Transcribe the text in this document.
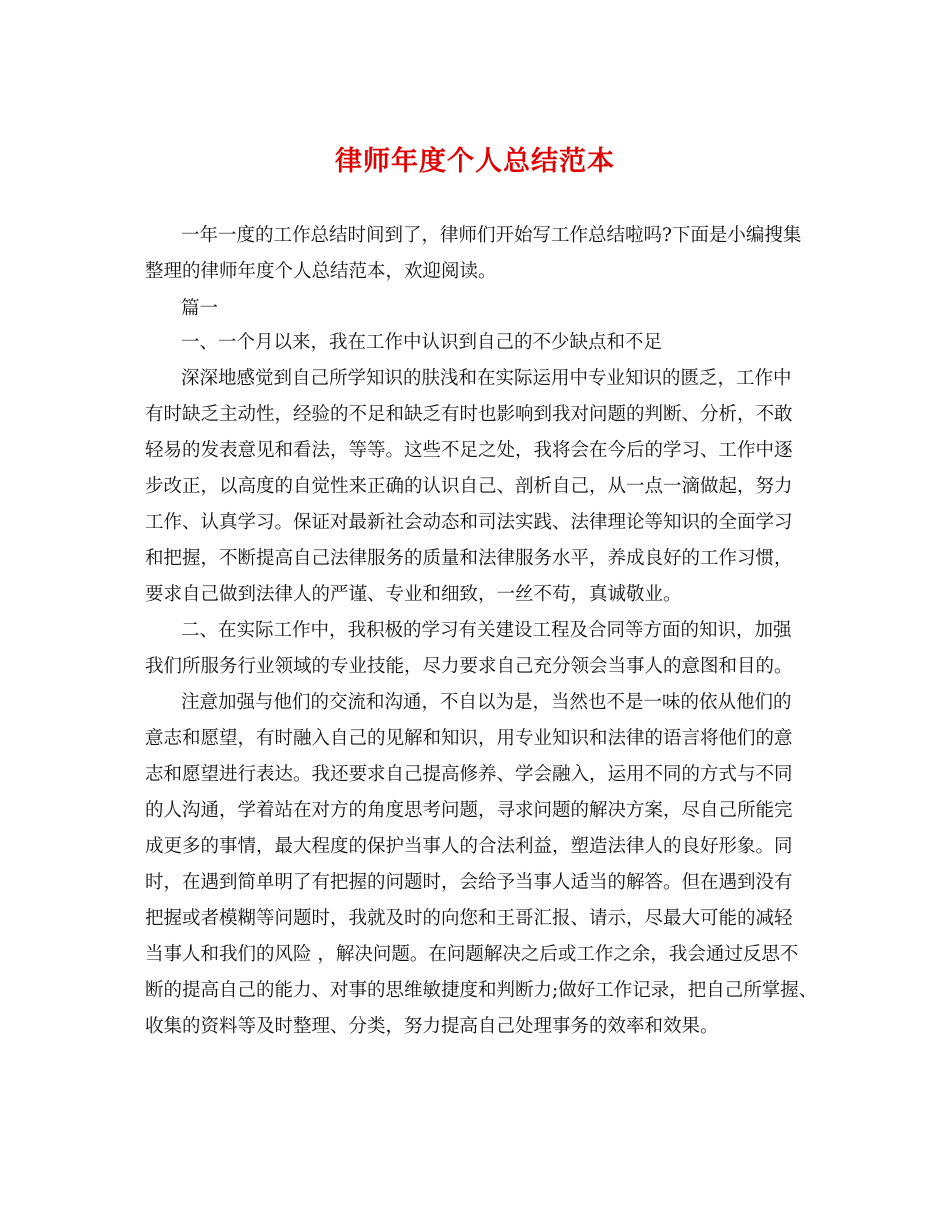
律师年度个人总结范本

一年一度的工作总结时间到了，律师们开始写工作总结啦吗?下面是小编搜集

整理的律师年度个人总结范本，欢迎阅读。

篇一

一、一个月以来，我在工作中认识到自己的不少缺点和不足

深深地感觉到自己所学知识的肤浅和在实际运用中专业知识的匮乏，工作中

有时缺乏主动性，经验的不足和缺乏有时也影响到我对问题的判断、分析，不敢

轻易的发表意见和看法，等等。这些不足之处，我将会在今后的学习、工作中逐

步改正，以高度的自觉性来正确的认识自己、剖析自己，从一点一滴做起，努力

工作、认真学习。保证对最新社会动态和司法实践、法律理论等知识的全面学习

和把握，不断提高自己法律服务的质量和法律服务水平，养成良好的工作习惯，

要求自己做到法律人的严谨、专业和细致，一丝不苟，真诚敬业。

二、在实际工作中，我积极的学习有关建设工程及合同等方面的知识，加强

我们所服务行业领域的专业技能，尽力要求自己充分领会当事人的意图和目的。

注意加强与他们的交流和沟通，不自以为是，当然也不是一味的依从他们的

意志和愿望，有时融入自己的见解和知识，用专业知识和法律的语言将他们的意

志和愿望进行表达。我还要求自己提高修养、学会融入，运用不同的方式与不同

的人沟通，学着站在对方的角度思考问题，寻求问题的解决方案，尽自己所能完

成更多的事情，最大程度的保护当事人的合法利益，塑造法律人的良好形象。同

时，在遇到简单明了有把握的问题时，会给予当事人适当的解答。但在遇到没有

把握或者模糊等问题时，我就及时的向您和王哥汇报、请示，尽最大可能的减轻

当事人和我们的风险 ，解决问题。在问题解决之后或工作之余，我会通过反思不

断的提高自己的能力、对事的思维敏捷度和判断力;做好工作记录，把自己所掌握、

收集的资料等及时整理、分类，努力提高自己处理事务的效率和效果。
